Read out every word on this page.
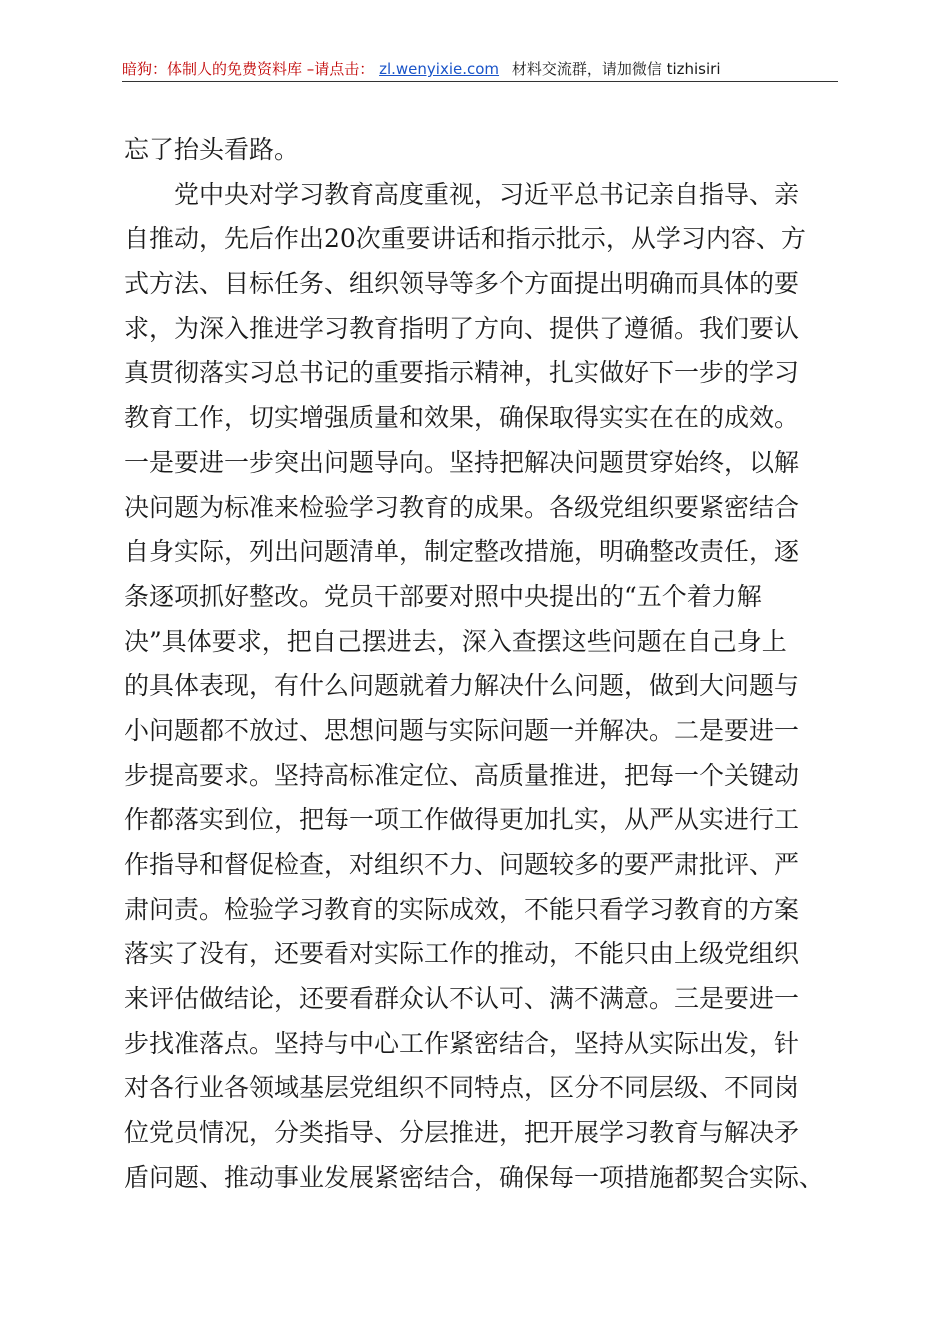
暗狗：体制人的免费资料库 –请点击： zl.wenyixie.com 材料交流群，请加微信 tizhisiri
忘了抬头看路。
党中央对学习教育高度重视，习近平总书记亲自指导、亲
自推动，先后作出20次重要讲话和指示批示，从学习内容、方
式方法、目标任务、组织领导等多个方面提出明确而具体的要
求，为深入推进学习教育指明了方向、提供了遵循。我们要认
真贯彻落实习总书记的重要指示精神，扎实做好下一步的学习
教育工作，切实增强质量和效果，确保取得实实在在的成效。
一是要进一步突出问题导向。坚持把解决问题贯穿始终，以解
决问题为标准来检验学习教育的成果。各级党组织要紧密结合
自身实际，列出问题清单，制定整改措施，明确整改责任，逐
条逐项抓好整改。党员干部要对照中央提出的“五个着力解
决”具体要求，把自己摆进去，深入查摆这些问题在自己身上
的具体表现，有什么问题就着力解决什么问题，做到大问题与
小问题都不放过、思想问题与实际问题一并解决。二是要进一
步提高要求。坚持高标准定位、高质量推进，把每一个关键动
作都落实到位，把每一项工作做得更加扎实，从严从实进行工
作指导和督促检查，对组织不力、问题较多的要严肃批评、严
肃问责。检验学习教育的实际成效，不能只看学习教育的方案
落实了没有，还要看对实际工作的推动，不能只由上级党组织
来评估做结论，还要看群众认不认可、满不满意。三是要进一
步找准落点。坚持与中心工作紧密结合，坚持从实际出发，针
对各行业各领域基层党组织不同特点，区分不同层级、不同岗
位党员情况，分类指导、分层推进，把开展学习教育与解决矛
盾问题、推动事业发展紧密结合，确保每一项措施都契合实际、
